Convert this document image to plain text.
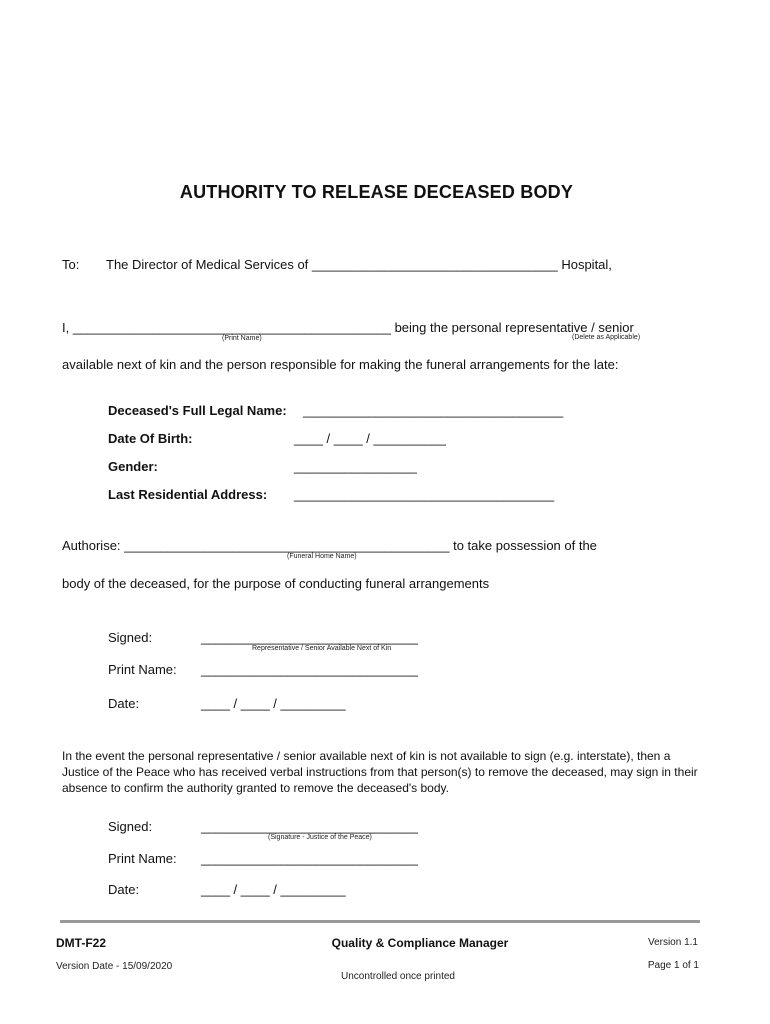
AUTHORITY TO RELEASE DECEASED BODY
To: The Director of Medical Services of __________________________________ Hospital,
I, ____________________________________________ being the personal representative / senior
(Print Name)	(Delete as Applicable)
available next of kin and the person responsible for making the funeral arrangements for the late:
Deceased's Full Legal Name: ____________________________________
Date Of Birth:	____ / ____ / __________
Gender:	_________________
Last Residential Address: ____________________________________
Authorise: _____________________________________________ to take possession of the
(Funeral Home Name)
body of the deceased, for the purpose of conducting funeral arrangements
Signed:	______________________________
Representative / Senior Available Next of Kin
Print Name: ______________________________
Date:	____ / ____ / _________
In the event the personal representative / senior available next of kin is not available to sign (e.g. interstate), then a Justice of the Peace who has received verbal instructions from that person(s) to remove the deceased, may sign in their absence to confirm the authority granted to remove the deceased's body.
Signed:	______________________________
(Signature - Justice of the Peace)
Print Name: ______________________________
Date:	____ / ____ / _________
DMT-F22	Quality & Compliance Manager	Version 1.1
Version Date - 15/09/2020	Page 1 of 1
Uncontrolled once printed
